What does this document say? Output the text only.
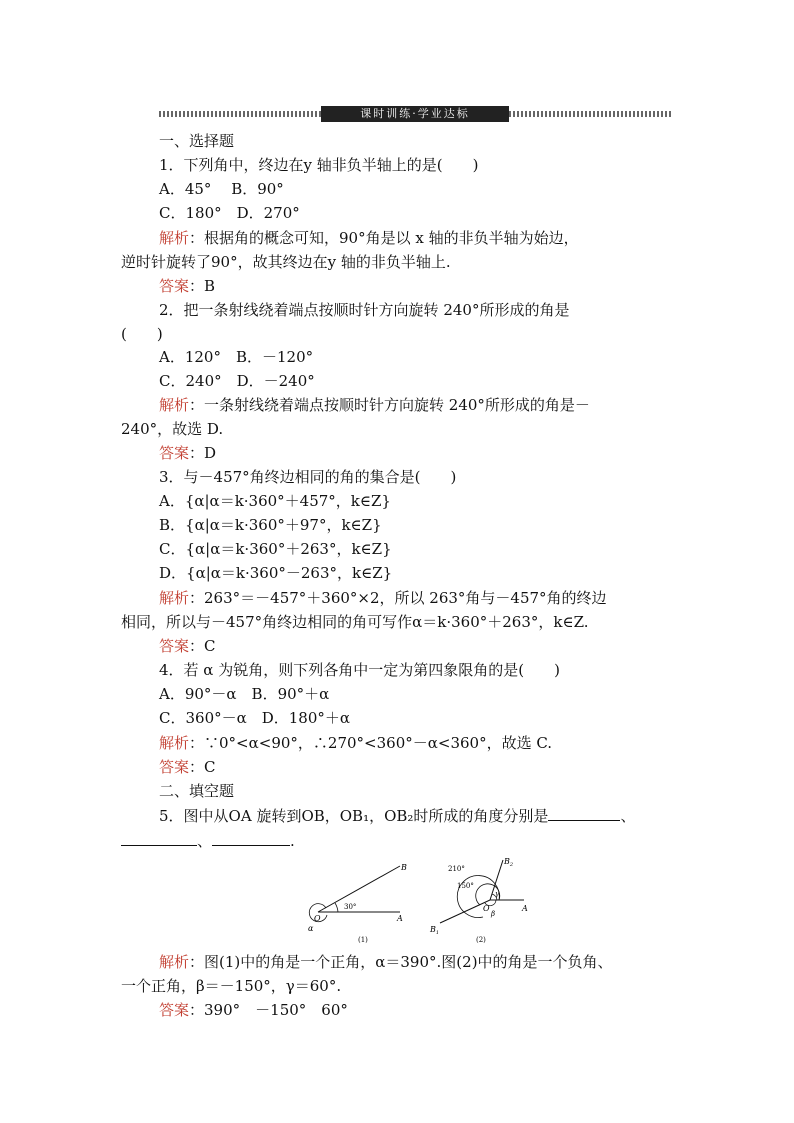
课时训练·学业达标
一、选择题
1．下列角中，终边在y 轴非负半轴上的是(　　)
A．45°　 B．90°
C．180°　D．270°
解析：根据角的概念可知，90°角是以 x 轴的非负半轴为始边，
逆时针旋转了90°，故其终边在y 轴的非负半轴上.
答案：B
2．把一条射线绕着端点按顺时针方向旋转 240°所形成的角是
(　　)
A．120°　B．－120°
C．240°　D．－240°
解析：一条射线绕着端点按顺时针方向旋转 240°所形成的角是－
240°，故选 D.
答案：D
3．与－457°角终边相同的角的集合是(　　)
A．{α|α＝k·360°＋457°，k∈Z}
B．{α|α＝k·360°＋97°，k∈Z}
C．{α|α＝k·360°＋263°，k∈Z}
D．{α|α＝k·360°－263°，k∈Z}
解析：263°＝－457°＋360°×2，所以 263°角与－457°角的终边
相同，所以与－457°角终边相同的角可写作α＝k·360°＋263°，k∈Z.
答案：C
4．若 α 为锐角，则下列各角中一定为第四象限角的是(　　)
A．90°－α　B．90°＋α
C．360°－α　D．180°＋α
解析：∵0°<α<90°，∴270°<360°－α<360°，故选 C.
答案：C
二、填空题
5．图中从OA 旋转到OB，OB₁，OB₂时所成的角度分别是	、
、	.
B
A
O
α
30°
(1)
$B_2$
A
O
$B_1$
210°
150°
γ
β
(2)
解析：图(1)中的角是一个正角，α＝390°.图(2)中的角是一个负角、
一个正角，β＝－150°，γ＝60°.
答案：390°　－150°　60°
